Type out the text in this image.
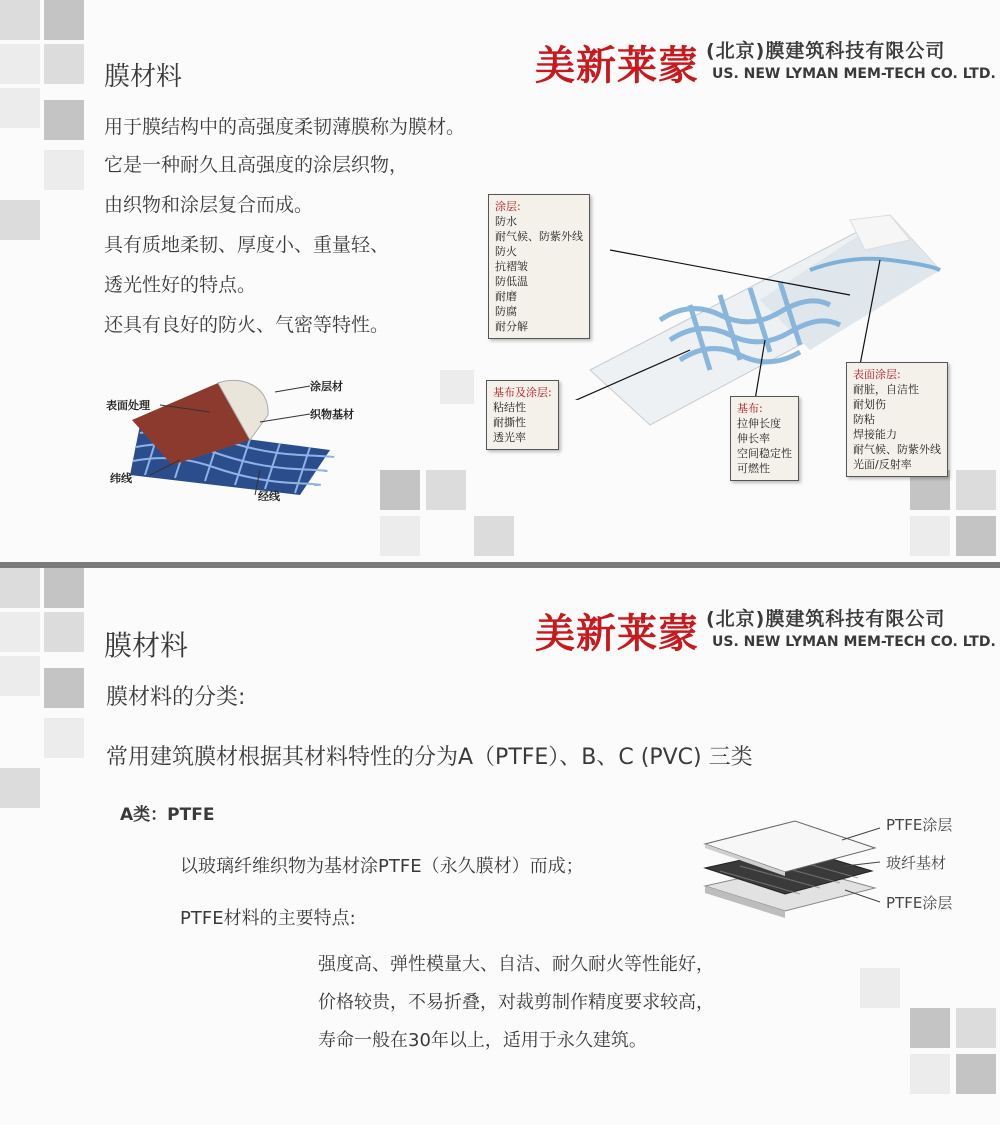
膜材料	美新莱蒙 (北京)膜建筑科技有限公司
US. NEW LYMAN MEM-TECH CO. LTD.
用于膜结构中的高强度柔韧薄膜称为膜材。
它是一种耐久且高强度的涂层织物，
由织物和涂层复合而成。
具有质地柔韧、厚度小、重量轻、
透光性好的特点。
还具有良好的防火、气密等特性。
表面处理
涂层材
织物基材
纬线
经线
涂层:
防水
耐气候、防紫外线
防火
抗褶皱
防低温
耐磨
防腐
耐分解
基布及涂层:
粘结性
耐撕性
透光率
基布:
拉伸长度
伸长率
空间稳定性
可燃性
表面涂层:
耐脏，自洁性
耐划伤
防粘
焊接能力
耐气候、防紫外线
光面/反射率
膜材料	美新莱蒙 (北京)膜建筑科技有限公司
US. NEW LYMAN MEM-TECH CO. LTD.
膜材料的分类:
常用建筑膜材根据其材料特性的分为A（PTFE）、B、C (PVC) 三类
A类：PTFE
以玻璃纤维织物为基材涂PTFE（永久膜材）而成；
PTFE材料的主要特点:
强度高、弹性模量大、自洁、耐久耐火等性能好，
价格较贵，不易折叠，对裁剪制作精度要求较高，
寿命一般在30年以上，适用于永久建筑。
PTFE涂层
玻纤基材
PTFE涂层
